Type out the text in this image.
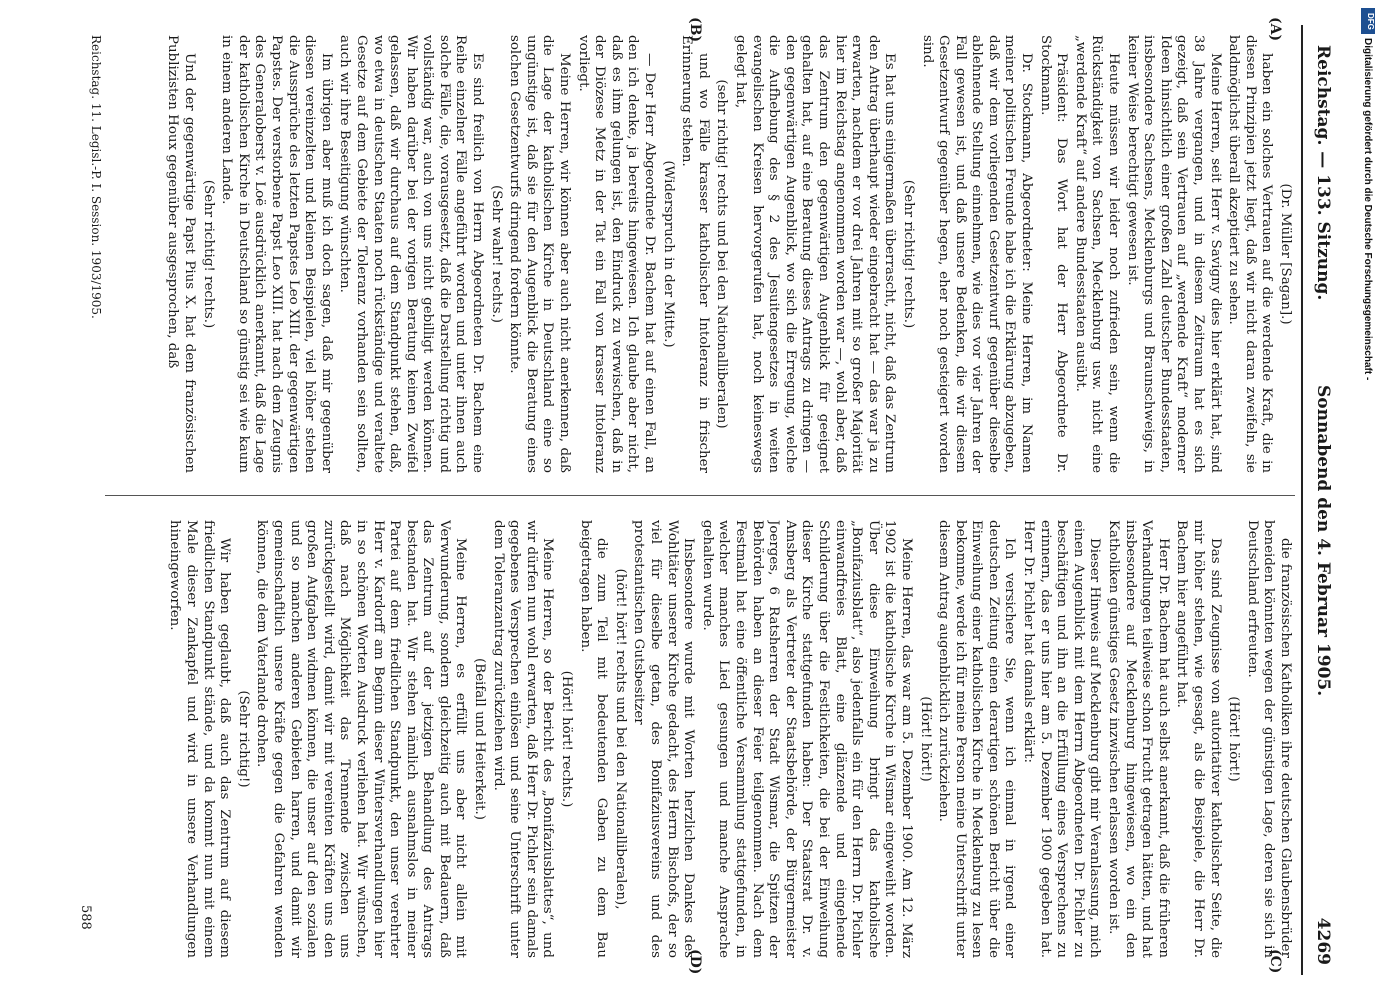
Reichstag. — 133. Sitzung.
Sonnabend den 4. Februar 1905.
4269
(A)
(B)
(C)
(D)

(Dr. Müller [Sagan].)

haben ein solches Vertrauen auf die werdende Kraft, die in diesen Prinzipien jetzt liegt, daß wir nicht daran zweifeln, sie baldmöglichst überall akzeptiert zu sehen.

Meine Herren, seit Herr v. Savigny dies hier erklärt hat, sind 38 Jahre vergangen, und in diesem Zeitraum hat es sich gezeigt, daß sein Vertrauen auf „werdende Kraft“ moderner Ideen hinsichtlich einer großen Zahl deutscher Bundesstaaten, insbesondere Sachsens, Mecklenburgs und Braunschweigs, in keiner Weise berechtigt gewesen ist.

Heute müssen wir leider noch zufrieden sein, wenn die Rückständigkeit von Sachsen, Mecklenburg usw. nicht eine „werdende Kraft“ auf andere Bundesstaaten ausübt.

Präsident: Das Wort hat der Herr Abgeordnete Dr. Stockmann.

Dr. Stockmann, Abgeordneter: Meine Herren, im Namen meiner politischen Freunde habe ich die Erklärung abzugeben, daß wir dem vorliegenden Gesetzentwurf gegenüber dieselbe ablehnende Stellung einnehmen, wie dies vor vier Jahren der Fall gewesen ist, und daß unsere Bedenken, die wir diesem Gesetzentwurf gegenüber hegen, eher noch gesteigert worden sind.

(Sehr richtig! rechts.)

Es hat uns einigermaßen überrascht, nicht, daß das Zentrum den Antrag überhaupt wieder eingebracht hat — das war ja zu erwarten, nachdem er vor drei Jahren mit so großer Majorität hier im Reichstag angenommen worden war —, wohl aber, daß das Zentrum den gegenwärtigen Augenblick für geeignet gehalten hat, auf eine Beratung dieses Antrags zu dringen — den gegenwärtigen Augenblick, wo sich die Erregung, welche die Aufhebung des § 2 des Jesuitengesetzes in weiten evangelischen Kreisen hervorgerufen hat, noch keineswegs gelegt hat,

(sehr richtig! rechts und bei den Nationalliberalen)

und wo Fälle krasser katholischer Intoleranz in frischer Erinnerung stehen.

(Widerspruch in der Mitte.)

— Der Herr Abgeordnete Dr. Bachem hat auf einen Fall, an den ich denke, ja bereits hingewiesen. Ich glaube aber nicht, daß es ihm gelungen ist, den Eindruck zu verwischen, daß in der Diözese Metz in der Tat ein Fall von krasser Intoleranz vorliegt.

Meine Herren, wir können aber auch nicht anerkennen, daß die Lage der katholischen Kirche in Deutschland eine so ungünstige ist, daß sie für den Augenblick die Beratung eines solchen Gesetzentwurfs dringend fordern könnte.

(Sehr wahr! rechts.)

Es sind freilich von Herrn Abgeordneten Dr. Bachem eine Reihe einzelner Fälle angeführt worden und unter ihnen auch solche Fälle, die, vorausgesetzt, daß die Darstellung richtig und vollständig war, auch von uns nicht gebilligt werden können. Wir haben darüber bei der vorigen Beratung keinen Zweifel gelassen, daß wir durchaus auf dem Standpunkt stehen, daß, wo etwa in deutschen Staaten noch rückständige und veraltete Gesetze auf dem Gebiete der Toleranz vorhanden sein sollten, auch wir ihre Beseitigung wünschten.

Im übrigen aber muß ich doch sagen, daß mir gegenüber diesen vereinzelten und kleinen Beispielen, viel höher stehen die Aussprüche des letzten Papstes Leo XIII. der gegenwärtigen Papstes. Der verstorbene Papst Leo XIII. hat nach dem Zeugnis des Generaloberst v. Loë ausdrücklich anerkannt, daß die Lage der katholischen Kirche in Deutschland so günstig sei wie kaum in einem anderen Lande.

(Sehr richtig! rechts.)

Und der gegenwärtige Papst Pius X. hat dem französischen Publizisten Houx gegenüber ausgesprochen, daß

die französischen Katholiken ihre deutschen Glaubensbrüder beneiden könnten wegen der günstigen Lage, deren sie sich in Deutschland erfreuten.

(Hört! hört!)

Das sind Zeugnisse von autoritativer katholischer Seite, die mir höher stehen, wie gesagt, als die Beispiele, die Herr Dr. Bachem hier angeführt hat.

Herr Dr. Bachem hat auch selbst anerkannt, daß die früheren Verhandlungen teilweise schon Frucht getragen hätten, und hat insbesondere auf Mecklenburg hingewiesen, wo ein den Katholiken günstiges Gesetz inzwischen erlassen worden ist.

Dieser Hinweis auf Mecklenburg gibt mir Veranlassung, mich einen Augenblick mit dem Herrn Abgeordneten Dr. Pichler zu beschäftigen und ihn an die Erfüllung eines Versprechens zu erinnern, das er uns hier am 5. Dezember 1900 gegeben hat. Herr Dr. Pichler hat damals erklärt:

Ich versichere Sie, wenn ich einmal in irgend einer deutschen Zeitung einen derartigen schönen Bericht über die Einweihung einer katholischen Kirche in Mecklenburg zu lesen bekomme, werde ich für meine Person meine Unterschrift unter diesem Antrag augenblicklich zurückziehen.

(Hört! hört!)

Meine Herren, das war am 5. Dezember 1900. Am 12. März 1902 ist die katholische Kirche in Wismar eingeweiht worden. Über diese Einweihung bringt das katholische „Bonifaziusblatt“, also jedenfalls ein für den Herrn Dr. Pichler einwandfreies Blatt, eine glänzende und eingehende Schilderung über die Festlichkeiten, die bei der Einweihung dieser Kirche stattgefunden haben: Der Staatsrat Dr. v. Amsberg als Vertreter der Staatsbehörde, der Bürgermeister Joerges, 6 Ratsherren der Stadt Wismar, die Spitzen der Behörden haben an dieser Feier teilgenommen. Nach dem Festmahl hat eine öffentliche Versammlung stattgefunden, in welcher manches Lied gesungen und manche Ansprache gehalten wurde.

Insbesondere wurde mit Worten herzlichen Dankes des Wohltäter unserer Kirche gedacht, des Herrn Bischofs, der so viel für dieselbe getan, des Bonifaziusvereins und des protestantischen Gutsbesitzer

(hört! hört! rechts und bei den Nationalliberalen),

die zum Teil mit bedeutenden Gaben zu dem Bau beigetragen haben.

(Hört! hört! rechts.)

Meine Herren, so der Bericht des „Bonifaziusblattes“, und wir dürfen nun wohl erwarten, daß Herr Dr. Pichler sein damals gegebenes Versprechen einlösen und seine Unterschrift unter dem Toleranzantrag zurückziehen wird.

(Beifall und Heiterkeit.)

Meine Herren, es erfüllt uns aber nicht allein mit Verwunderung, sondern gleichzeitig auch mit Bedauern, daß das Zentrum auf der jetzigen Behandlung des Antrags bestanden hat. Wir stehen nämlich ausnahmslos in meiner Partei auf dem friedlichen Standpunkt, den unser verehrter Herr v. Kardorff am Beginn dieser Wintersverhandlungen hier in so schönen Worten Ausdruck verliehen hat. Wir wünschen, daß nach Möglichkeit das Trennende zwischen uns zurückgestellt wird, damit wir mit vereinten Kräften uns den großen Aufgaben widmen können, die unser auf den sozialen und so manchen anderen Gebieten harren, und damit wir gemeinschaftlich unsere Kräfte gegen die Gefahren wenden können, die dem Vaterlande drohen.

(Sehr richtig!)

Wir haben geglaubt, daß auch das Zentrum auf diesem friedlichen Standpunkt stände, und da kommt nun mit einem Male dieser Zankapfel und wird in unsere Verhandlungen hineingeworfen.

Reichstag. 11. Legisl.-P. I. Session. 1903/1905.
588
DFG
Digitalisierung gefördert durch die Deutsche Forschungsgemeinschaft -
